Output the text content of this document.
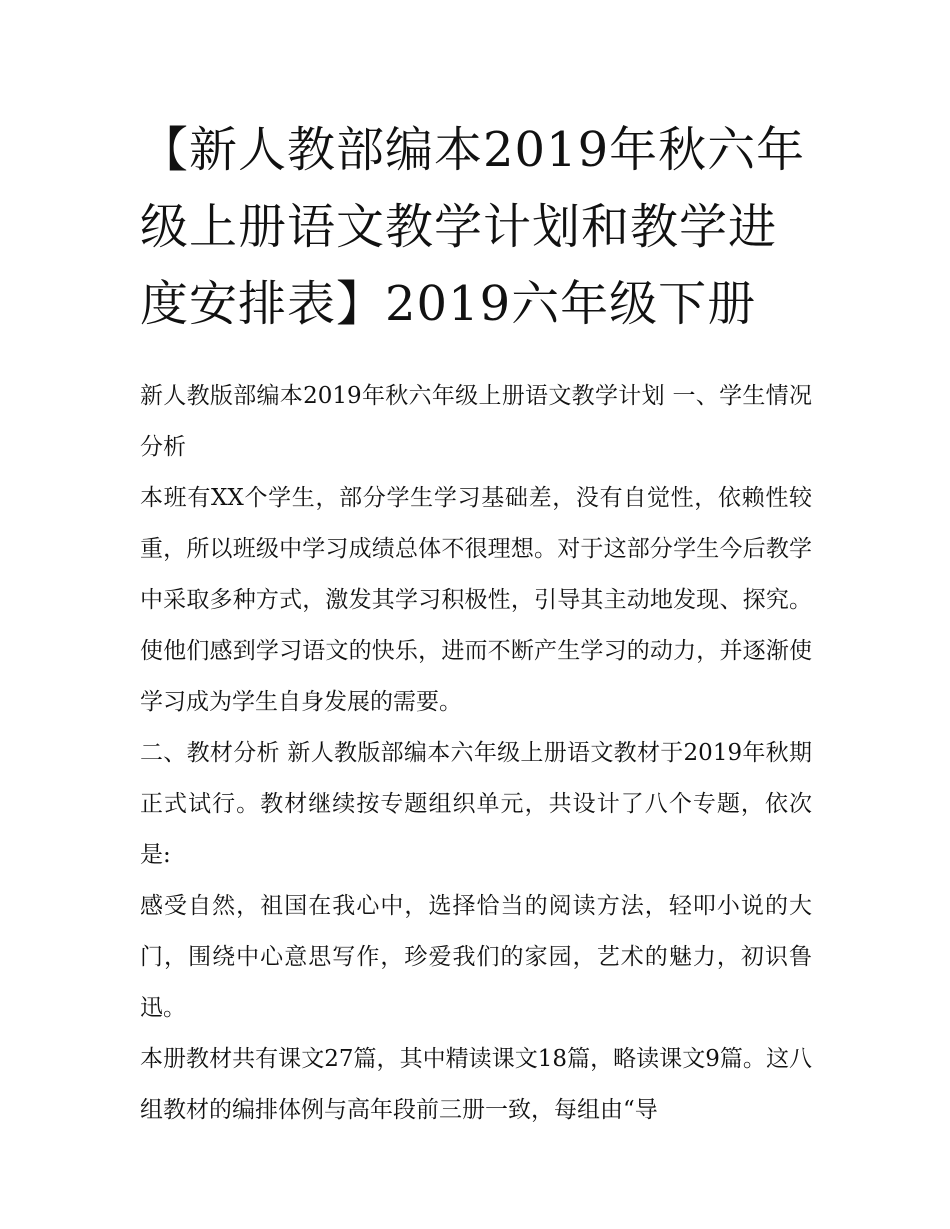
【新人教部编本2019年秋六年级上册语文教学计划和教学进度安排表】2019六年级下册

新人教版部编本2019年秋六年级上册语文教学计划 一、学生情况分析

本班有XX个学生，部分学生学习基础差，没有自觉性，依赖性较重，所以班级中学习成绩总体不很理想。对于这部分学生今后教学中采取多种方式，激发其学习积极性，引导其主动地发现、探究。使他们感到学习语文的快乐，进而不断产生学习的动力，并逐渐使学习成为学生自身发展的需要。

二、教材分析 新人教版部编本六年级上册语文教材于2019年秋期正式试行。教材继续按专题组织单元，共设计了八个专题，依次是:

感受自然，祖国在我心中，选择恰当的阅读方法，轻叩小说的大门，围绕中心意思写作，珍爱我们的家园，艺术的魅力，初识鲁迅。

本册教材共有课文27篇，其中精读课文18篇，略读课文9篇。这八组教材的编排体例与高年段前三册一致，每组由“导
